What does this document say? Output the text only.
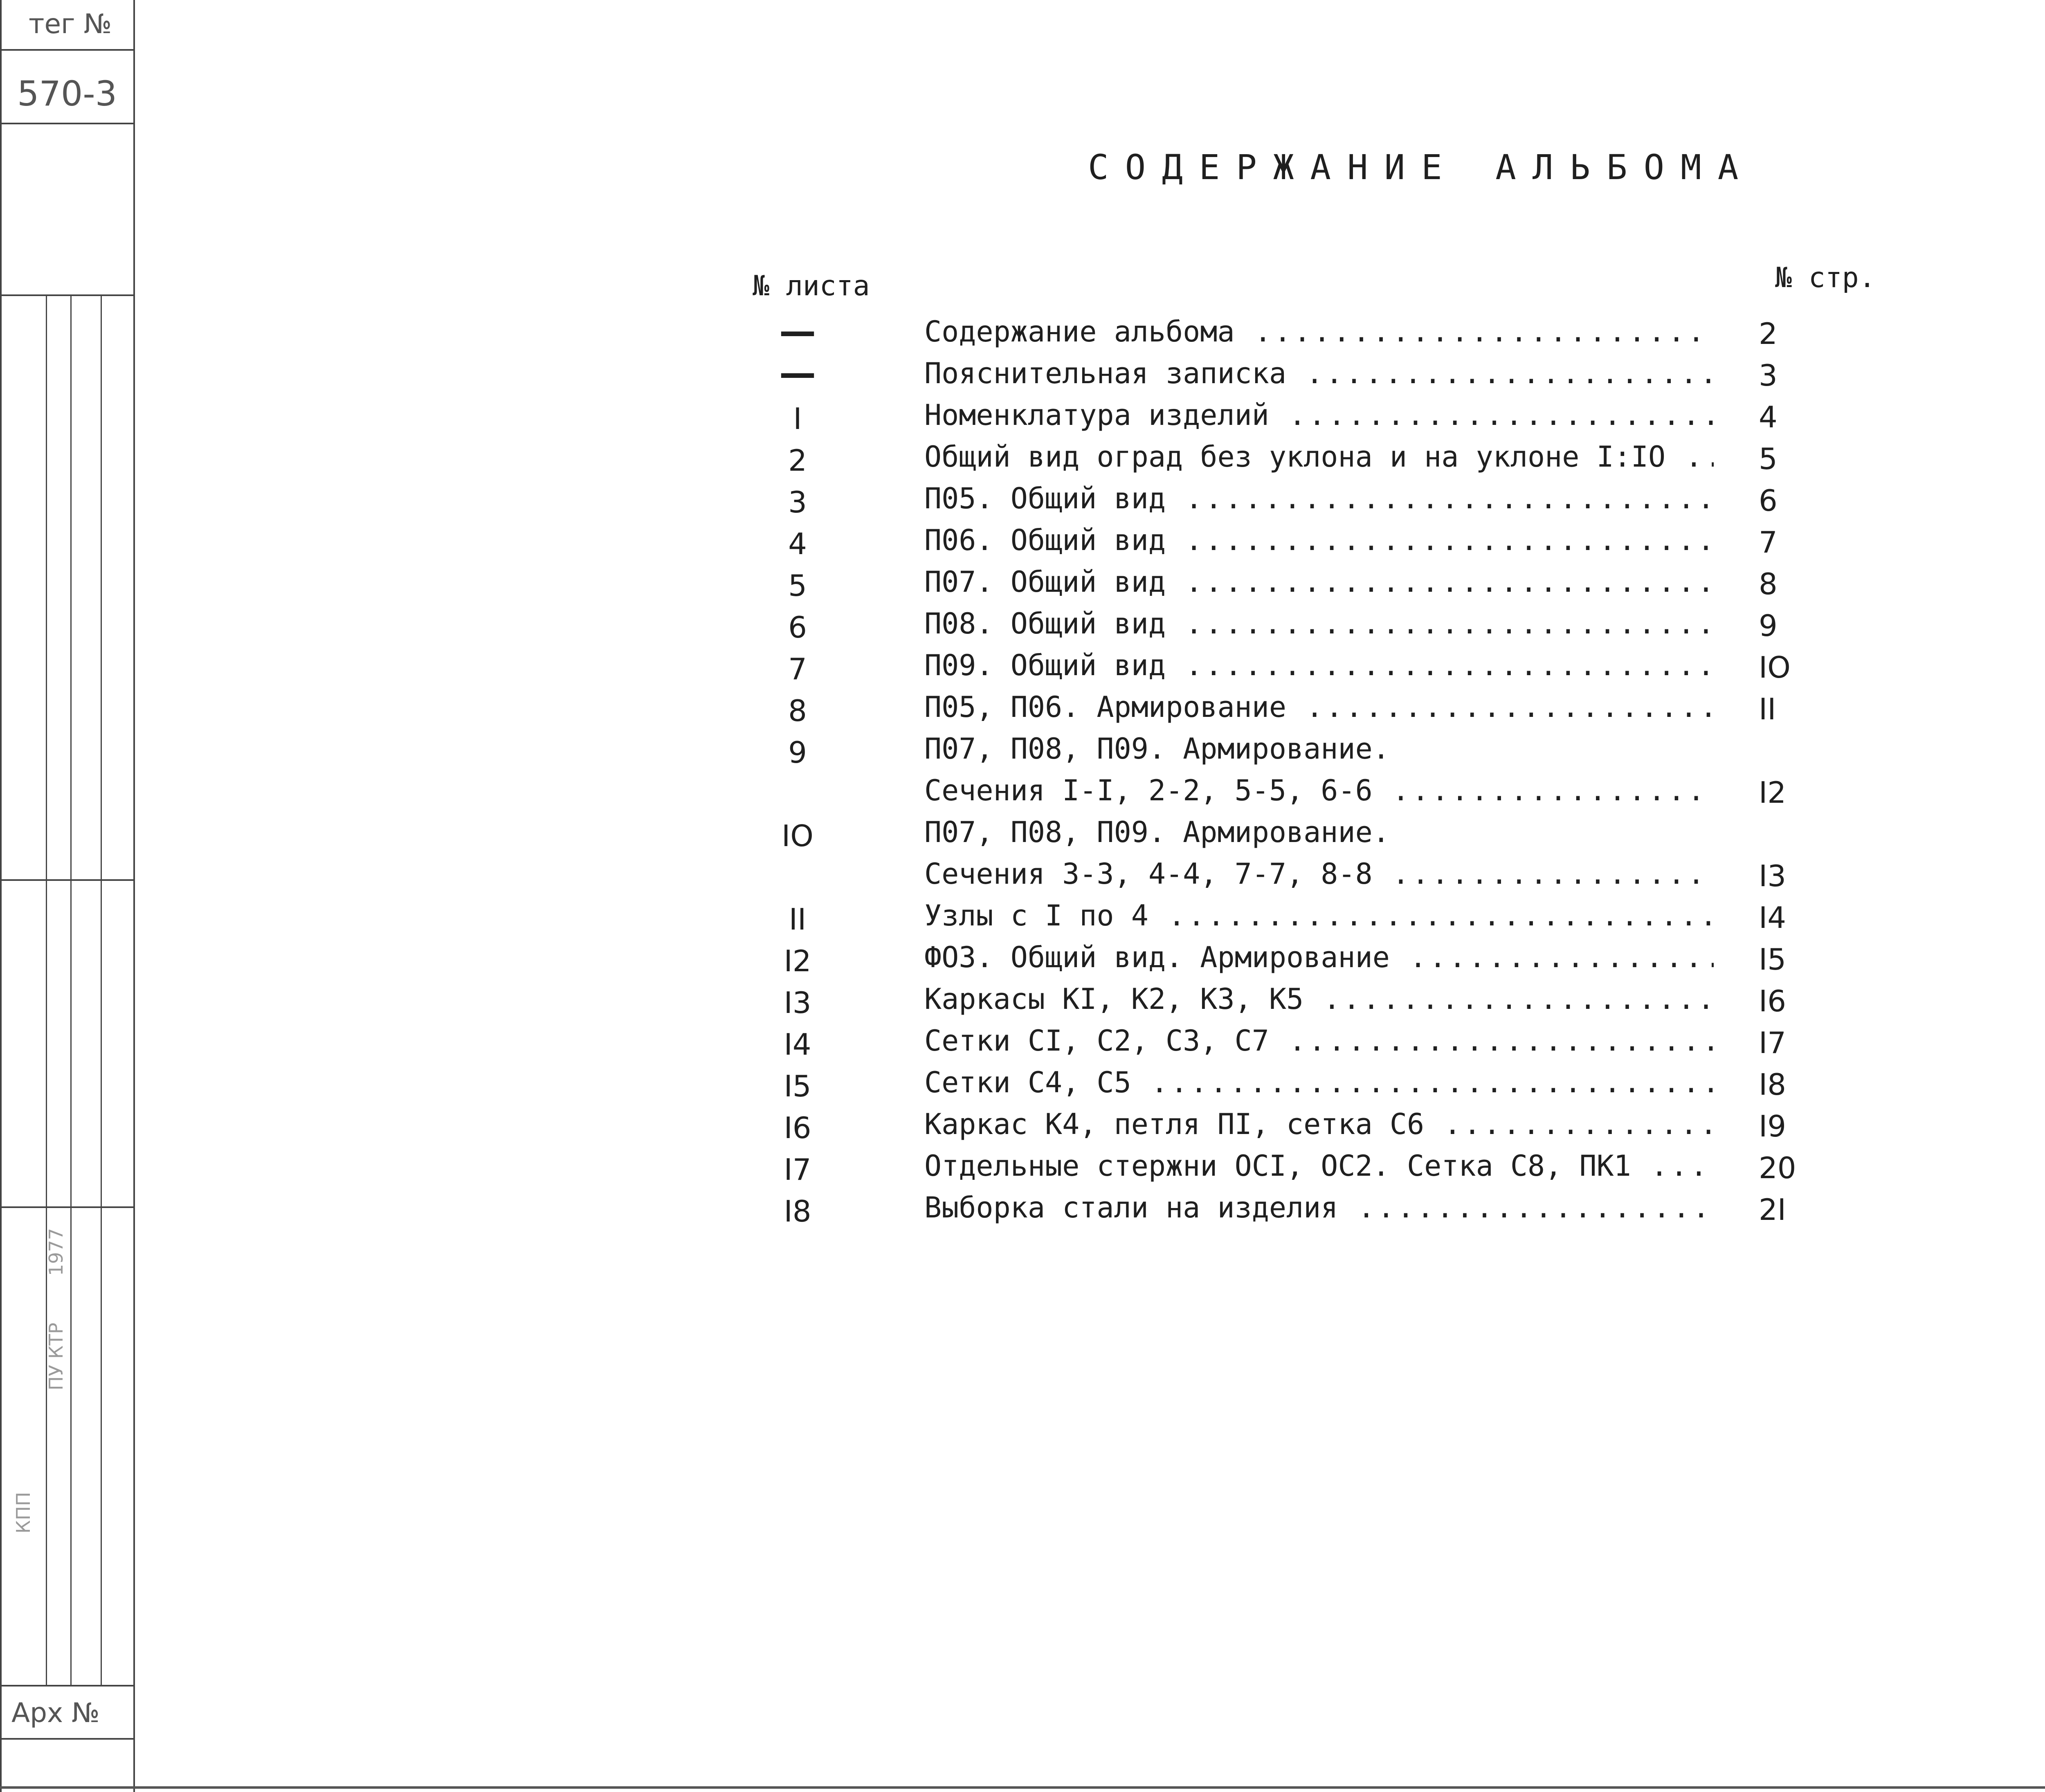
тег №
570-3
Арх №
КПП
ПУ КТР
1977
СОДЕРЖАНИЕ АЛЬБОМА
№ листа	№ стр.
—	Содержание альбома .....	2
—	Пояснительная записка .....	3
I	Номенклатура изделий .....	4
2	Общий вид оград без уклона и на уклоне I:IO .....	5
3	П05. Общий вид .....	6
4	П06. Общий вид .....	7
5	П07. Общий вид .....	8
6	П08. Общий вид .....	9
7	П09. Общий вид .....	IO
8	П05, П06. Армирование .....	II
9	П07, П08, П09. Армирование.
Сечения I-I, 2-2, 5-5, 6-6 .....	I2
IO	П07, П08, П09. Армирование.
Сечения 3-3, 4-4, 7-7, 8-8 .....	I3
II	Узлы с I по 4 .....	I4
I2	ФО3. Общий вид. Армирование .....	I5
I3	Каркасы КI, К2, К3, К5 .....	I6
I4	Сетки СI, С2, С3, С7 .....	I7
I5	Сетки С4, С5 .....	I8
I6	Каркас К4, петля ПI, сетка С6 .....	I9
I7	Отдельные стержни ОСI, ОС2. Сетка С8, ПК1 .....	20
I8	Выборка стали на изделия .....	2I
